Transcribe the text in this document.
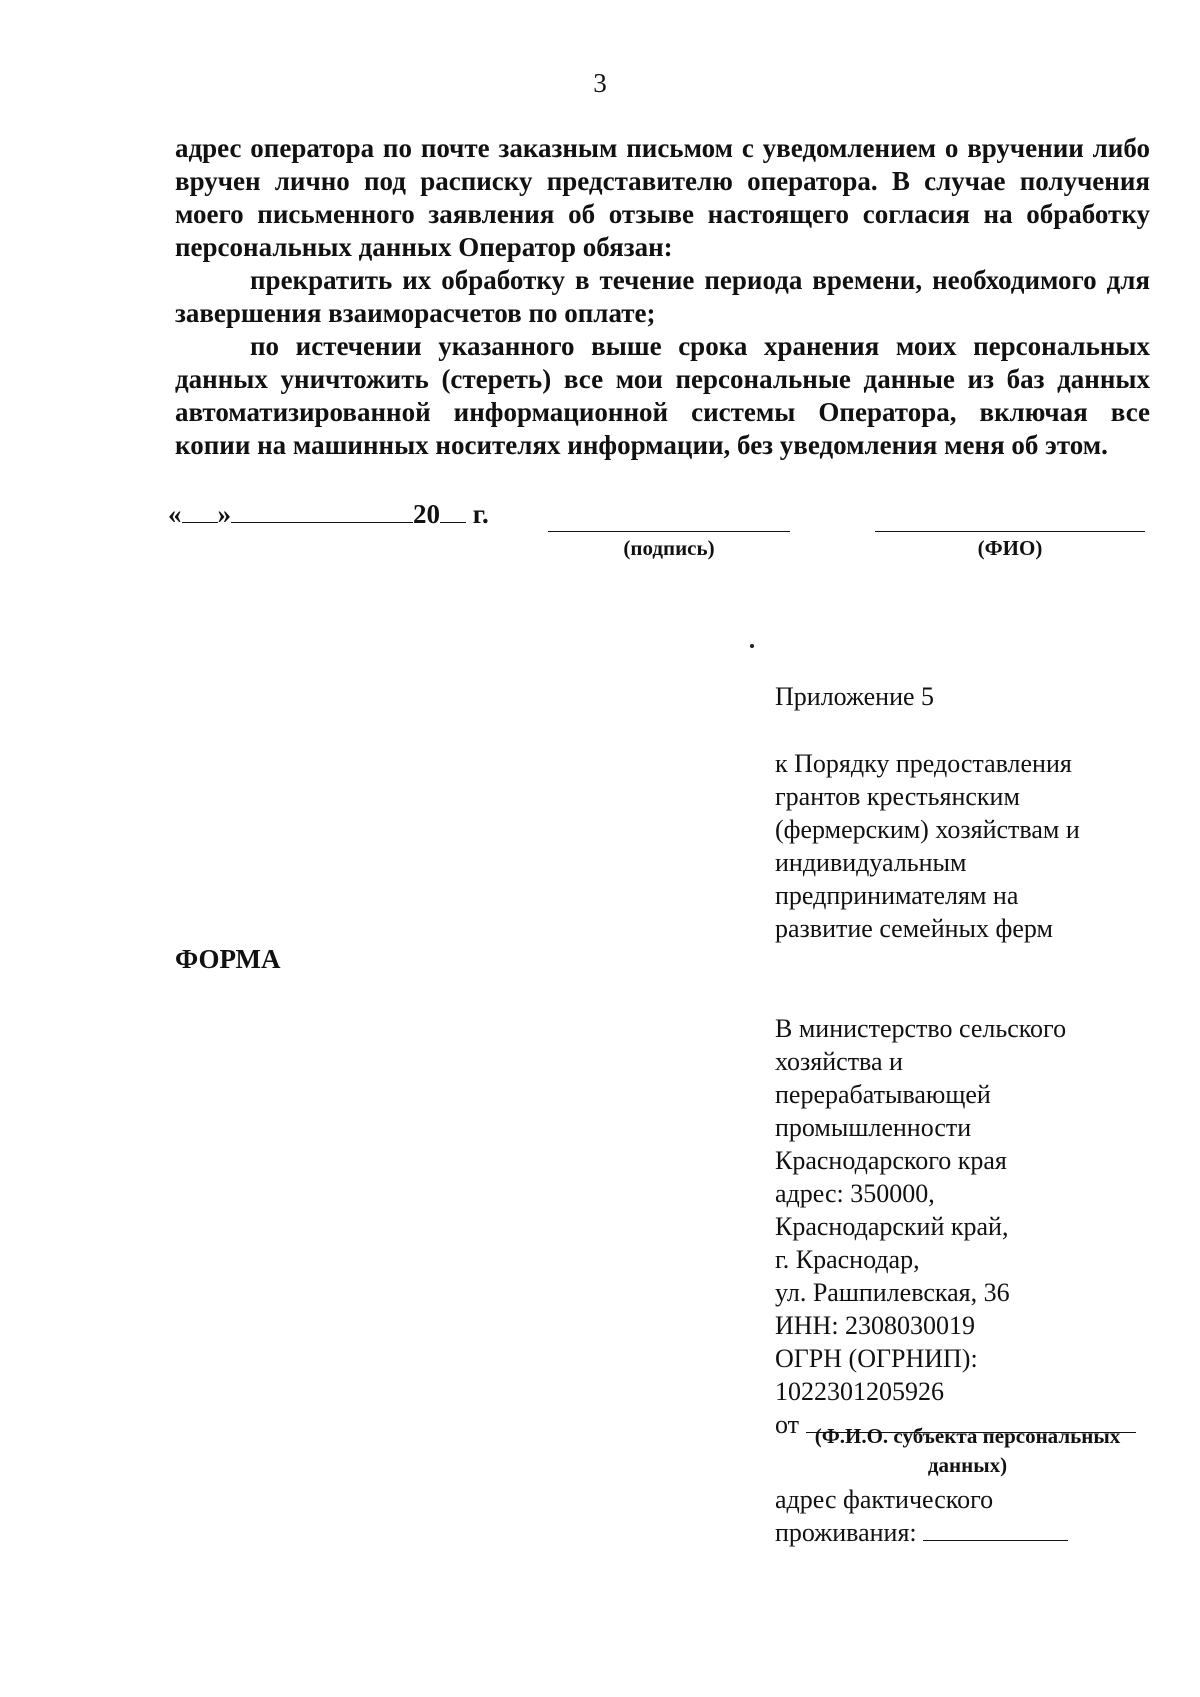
3

адрес оператора по почте заказным письмом с уведомлением о вручении либо вручен лично под расписку представителю оператора. В случае получения моего письменного заявления об отзыве настоящего согласия на обработку персональных данных Оператор обязан:

прекратить их обработку в течение периода времени, необходимого для завершения взаиморасчетов по оплате;

по истечении указанного выше срока хранения моих персональных данных уничтожить (стереть) все мои персональные данные из баз данных автоматизированной информационной системы Оператора, включая все копии на машинных носителях информации, без уведомления меня об этом.

« »	20 г.
(подпись)	(ФИО)
Приложение 5
к Порядку предоставления
грантов крестьянским
(фермерским) хозяйствам и
индивидуальным
предпринимателям на
развитие семейных ферм
ФОРМА
В министерство сельского
хозяйства и
перерабатывающей
промышленности
Краснодарского края
адрес: 350000,
Краснодарский край,
г. Краснодар,
ул. Рашпилевская, 36
ИНН: 2308030019
ОГРН (ОГРНИП):
1022301205926
от (Ф.И.О. субъекта персональных
данных)
адрес фактического
проживания:
